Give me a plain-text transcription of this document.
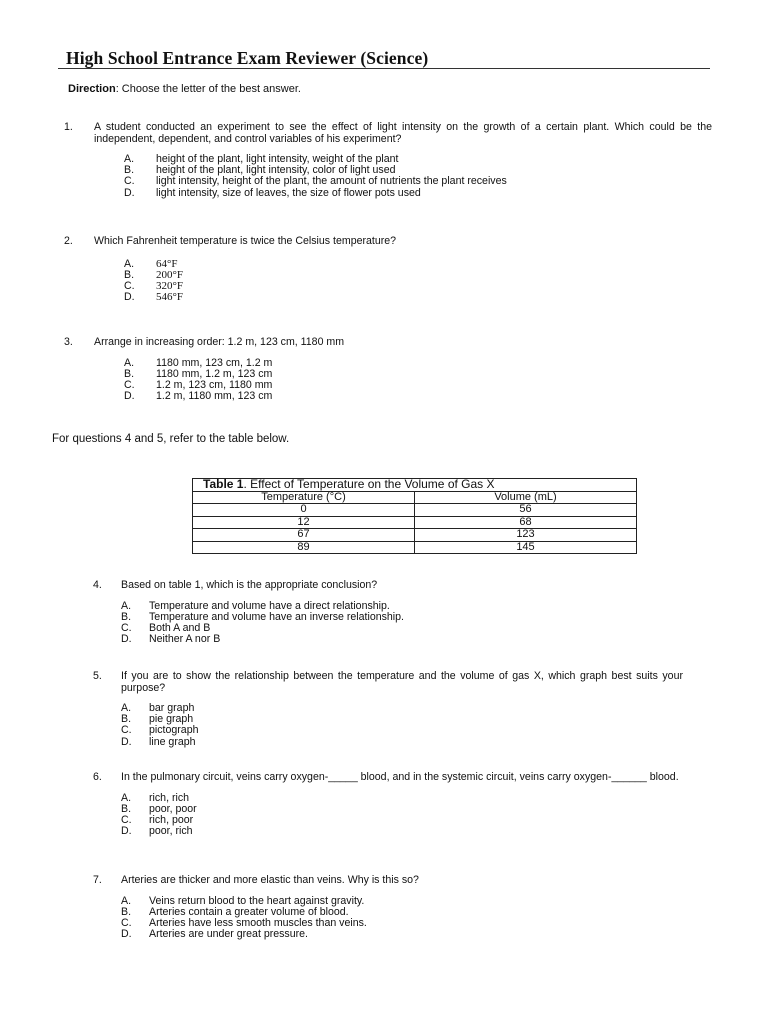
High School Entrance Exam Reviewer (Science)
Direction: Choose the letter of the best answer.
1. A student conducted an experiment to see the effect of light intensity on the growth of a certain plant. Which could be the independent, dependent, and control variables of his experiment?
A.	height of the plant, light intensity, weight of the plant
B.	height of the plant, light intensity, color of light used
C.	light intensity, height of the plant, the amount of nutrients the plant receives
D.	light intensity, size of leaves, the size of flower pots used
2. Which Fahrenheit temperature is twice the Celsius temperature?
A.	64°F
B.	200°F
C.	320°F
D.	546°F
3. Arrange in increasing order: 1.2 m, 123 cm, 1180 mm
A.	1180 mm, 123 cm, 1.2 m
B.	1180 mm, 1.2 m, 123 cm
C.	1.2 m, 123 cm, 1180 mm
D.	1.2 m, 1180 mm, 123 cm
For questions 4 and 5, refer to the table below.
Table 1. Effect of Temperature on the Volume of Gas X	
Temperature (°C)	Volume (mL)
0	56
12	68
67	123
89	145
4. Based on table 1, which is the appropriate conclusion?
A.	Temperature and volume have a direct relationship.
B.	Temperature and volume have an inverse relationship.
C.	Both A and B
D.	Neither A nor B
5. If you are to show the relationship between the temperature and the volume of gas X, which graph best suits your purpose?
A.	bar graph
B.	pie graph
C.	pictograph
D.	line graph
6. In the pulmonary circuit, veins carry oxygen-_____ blood, and in the systemic circuit, veins carry oxygen-______ blood.
A.	rich, rich
B.	poor, poor
C.	rich, poor
D.	poor, rich
7. Arteries are thicker and more elastic than veins. Why is this so?
A.	Veins return blood to the heart against gravity.
B.	Arteries contain a greater volume of blood.
C.	Arteries have less smooth muscles than veins.
D.	Arteries are under great pressure.
